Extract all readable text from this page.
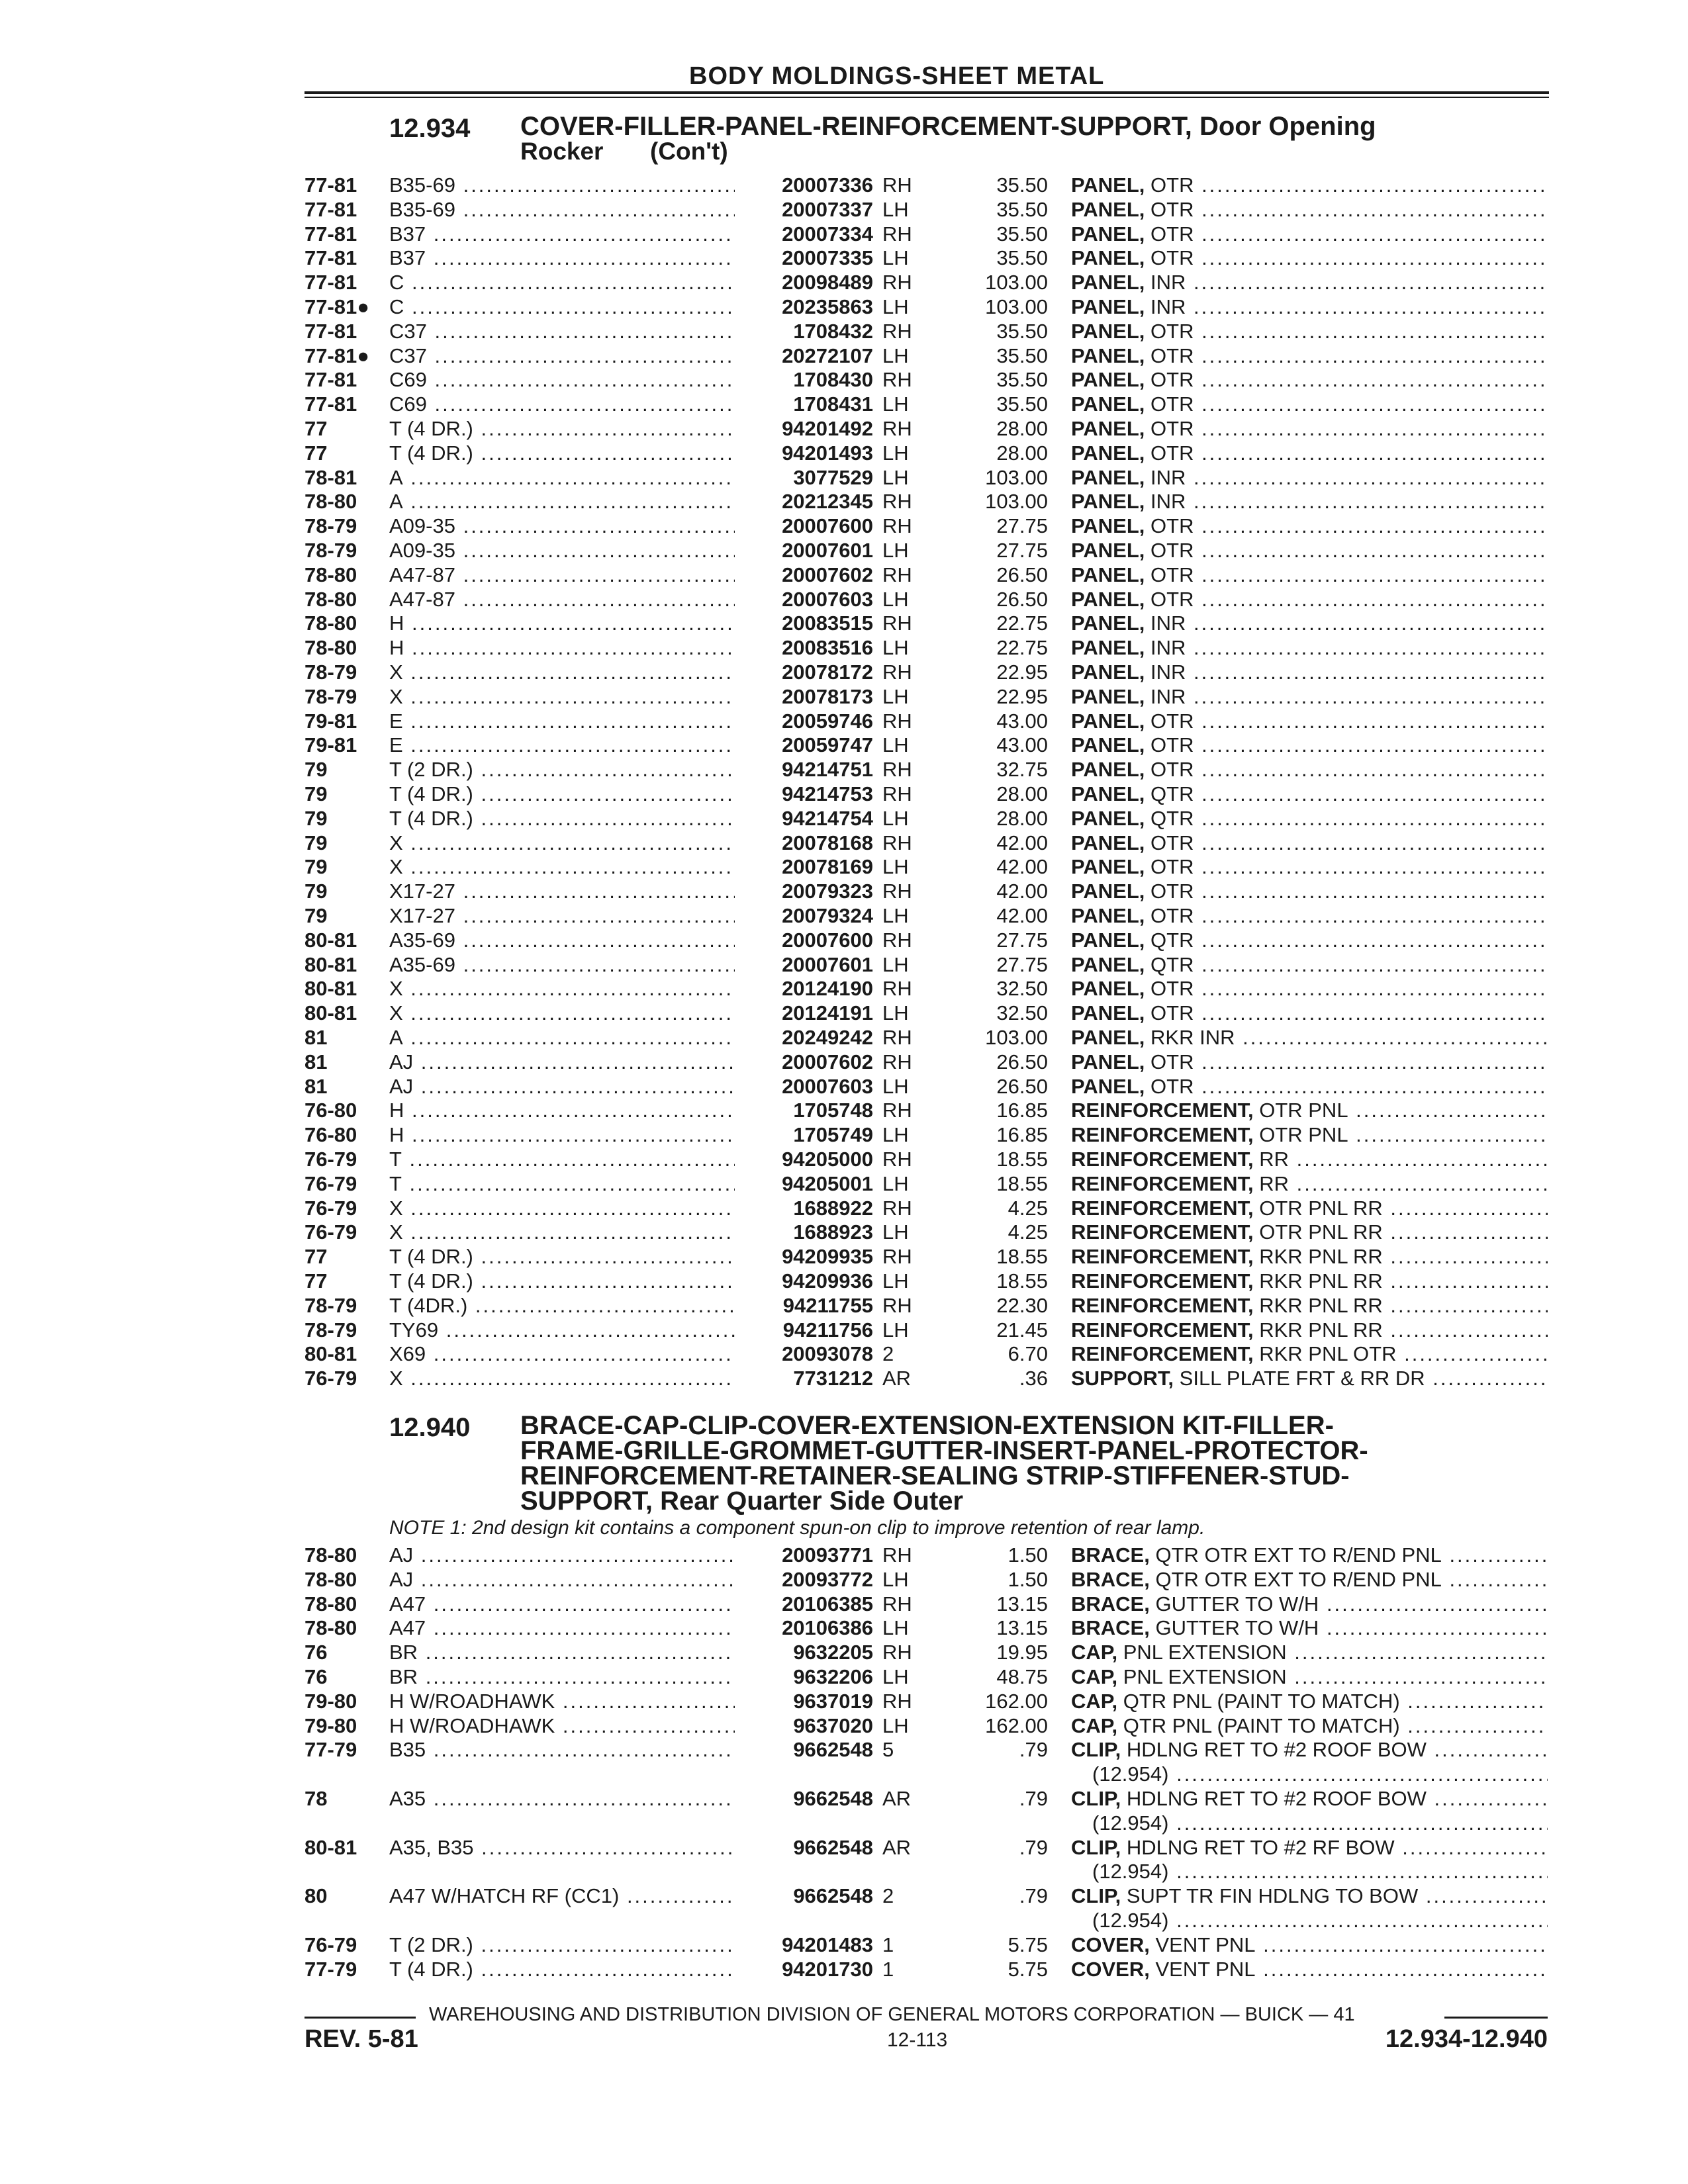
BODY MOLDINGS-SHEET METAL
12.934 COVER-FILLER-PANEL-REINFORCEMENT-SUPPORT, Door Opening
Rocker (Con't)
77-81	B35-69 .....	20007336 RH	35.50 PANEL, OTR .....
77-81	B35-69 .....	20007337 LH	35.50 PANEL, OTR .....
77-81	B37 .....	20007334 RH	35.50 PANEL, OTR .....
77-81	B37 .....	20007335 LH	35.50 PANEL, OTR .....
77-81	C .....	20098489 RH	103.00 PANEL, INR .....
77-81● C .....	20235863 LH	103.00 PANEL, INR .....
77-81	C37 .....	1708432 RH	35.50 PANEL, OTR .....
77-81● C37 .....	20272107 LH	35.50 PANEL, OTR .....
77-81	C69 .....	1708430 RH	35.50 PANEL, OTR .....
77-81	C69 .....	1708431 LH	35.50 PANEL, OTR .....
77	T (4 DR.) .....	94201492 RH	28.00 PANEL, OTR .....
77	T (4 DR.) .....	94201493 LH	28.00 PANEL, OTR .....
78-81	A .....	3077529 LH	103.00 PANEL, INR .....
78-80	A .....	20212345 RH	103.00 PANEL, INR .....
78-79	A09-35 .....	20007600 RH	27.75 PANEL, OTR .....
78-79	A09-35 .....	20007601 LH	27.75 PANEL, OTR .....
78-80	A47-87 .....	20007602 RH	26.50 PANEL, OTR .....
78-80	A47-87 .....	20007603 LH	26.50 PANEL, OTR .....
78-80	H .....	20083515 RH	22.75 PANEL, INR .....
78-80	H .....	20083516 LH	22.75 PANEL, INR .....
78-79	X .....	20078172 RH	22.95 PANEL, INR .....
78-79	X .....	20078173 LH	22.95 PANEL, INR .....
79-81	E .....	20059746 RH	43.00 PANEL, OTR .....
79-81	E .....	20059747 LH	43.00 PANEL, OTR .....
79	T (2 DR.) .....	94214751 RH	32.75 PANEL, OTR .....
79	T (4 DR.) .....	94214753 RH	28.00 PANEL, QTR .....
79	T (4 DR.) .....	94214754 LH	28.00 PANEL, QTR .....
79	X .....	20078168 RH	42.00 PANEL, OTR .....
79	X .....	20078169 LH	42.00 PANEL, OTR .....
79	X17-27 .....	20079323 RH	42.00 PANEL, OTR .....
79	X17-27 .....	20079324 LH	42.00 PANEL, OTR .....
80-81	A35-69 .....	20007600 RH	27.75 PANEL, QTR .....
80-81	A35-69 .....	20007601 LH	27.75 PANEL, QTR .....
80-81	X .....	20124190 RH	32.50 PANEL, OTR .....
80-81	X .....	20124191 LH	32.50 PANEL, OTR .....
81	A .....	20249242 RH	103.00 PANEL, RKR INR .....
81	AJ .....	20007602 RH	26.50 PANEL, OTR .....
81	AJ .....	20007603 LH	26.50 PANEL, OTR .....
76-80	H .....	1705748 RH	16.85 REINFORCEMENT, OTR PNL .....
76-80	H .....	1705749 LH	16.85 REINFORCEMENT, OTR PNL .....
76-79	T .....	94205000 RH	18.55 REINFORCEMENT, RR .....
76-79	T .....	94205001 LH	18.55 REINFORCEMENT, RR .....
76-79	X .....	1688922 RH	4.25 REINFORCEMENT, OTR PNL RR .....
76-79	X .....	1688923 LH	4.25 REINFORCEMENT, OTR PNL RR .....
77	T (4 DR.) .....	94209935 RH	18.55 REINFORCEMENT, RKR PNL RR .....
77	T (4 DR.) .....	94209936 LH	18.55 REINFORCEMENT, RKR PNL RR .....
78-79	T (4DR.) .....	94211755 RH	22.30 REINFORCEMENT, RKR PNL RR .....
78-79	TY69 .....	94211756 LH	21.45 REINFORCEMENT, RKR PNL RR .....
80-81	X69 .....	20093078 2	6.70 REINFORCEMENT, RKR PNL OTR .....
76-79	X .....	7731212 AR	.36 SUPPORT, SILL PLATE FRT & RR DR .....
12.940 BRACE-CAP-CLIP-COVER-EXTENSION-EXTENSION KIT-FILLER-
FRAME-GRILLE-GROMMET-GUTTER-INSERT-PANEL-PROTECTOR-
REINFORCEMENT-RETAINER-SEALING STRIP-STIFFENER-STUD-
SUPPORT, Rear Quarter Side Outer
NOTE 1: 2nd design kit contains a component spun-on clip to improve retention of rear lamp.
78-80	AJ .....	20093771 RH	1.50 BRACE, QTR OTR EXT TO R/END PNL .....
78-80	AJ .....	20093772 LH	1.50 BRACE, QTR OTR EXT TO R/END PNL .....
78-80	A47 .....	20106385 RH	13.15 BRACE, GUTTER TO W/H .....
78-80	A47 .....	20106386 LH	13.15 BRACE, GUTTER TO W/H .....
76	BR .....	9632205 RH	19.95 CAP, PNL EXTENSION .....
76	BR .....	9632206 LH	48.75 CAP, PNL EXTENSION .....
79-80	H W/ROADHAWK .....	9637019 RH	162.00 CAP, QTR PNL (PAINT TO MATCH) .....
79-80	H W/ROADHAWK .....	9637020 LH	162.00 CAP, QTR PNL (PAINT TO MATCH) .....
77-79	B35 .....	9662548 5	.79 CLIP, HDLNG RET TO #2 ROOF BOW .....
(12.954) .....
78	A35 .....	9662548 AR	.79 CLIP, HDLNG RET TO #2 ROOF BOW .....
(12.954) .....
80-81	A35, B35 .....	9662548 AR	.79 CLIP, HDLNG RET TO #2 RF BOW .....
(12.954) .....
80	A47 W/HATCH RF (CC1) .....	9662548 2	.79 CLIP, SUPT TR FIN HDLNG TO BOW .....
(12.954) .....
76-79	T (2 DR.) .....	94201483 1	5.75 COVER, VENT PNL .....
77-79	T (4 DR.) .....	94201730 1	5.75 COVER, VENT PNL .....
WAREHOUSING AND DISTRIBUTION DIVISION OF GENERAL MOTORS CORPORATION — BUICK — 41
REV. 5-81	12-113	12.934-12.940
